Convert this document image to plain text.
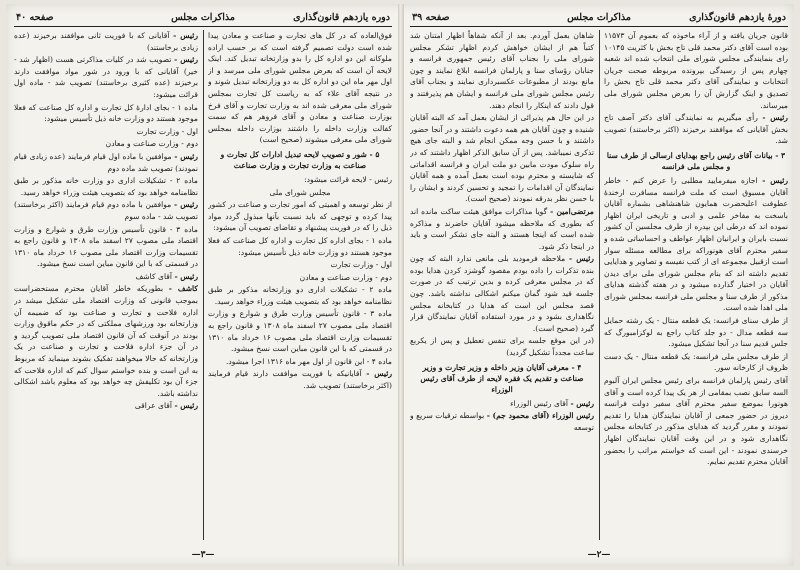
دوره یازدهم قانون‌گذاری
مذاکرات مجلس
صفحه ۴۰

فوق‌العاده که در کل های تجارت و صناعت و معادن پیدا شده است دولت تصمیم گرفته است که بر حسب اراده ملوکانه این دو اداره کل را بدو وزارتخانه تبدیل کند. اینک لایحه آن است که بعرض مجلس شورای ملی میرسد و از اول مهر ماه این دو اداره کل به دو وزارتخانه تبدیل شوند و در نتیجه آقای علاء که به ریاست کل تجارت بمجلس شورای ملی معرفی شده اند به وزارت تجارت و آقای فرخ بوزارت صناعت و معادن و آقای فروهر هم که سمت کفالت وزارت داخله را داشتند بوزارت داخله بمجلس شورای ملی معرفی میشوند (صحیح است)

۵ - شور و تصویب لایحه تبدیل ادارات کل تجارت و صناعت به وزارت تجارت و وزارت صناعت

رئیس - لایحه قرائت میشود:

مجلس شورای ملی

از نظر توسعه و اهمیتی که امور تجارت و صناعت در کشور پیدا کرده و توجهی که باید نسبت بآنها مبذول گردد مواد ذیل را که در فوریت پیشنهاد و تقاضای تصویب آن میشود:

ماده ۱ - بجای اداره کل تجارت و اداره کل صناعت که فعلا موجود هستند دو وزارت خانه ذیل تأسیس میشود:

اول - وزارت تجارت

دوم - وزارت صناعت و معادن

ماده ۲ - تشکیلات اداری دو وزارتخانه مذکور بر طبق نظامنامه خواهد بود که بتصویب هیئت وزراء خواهد رسید.

ماده ۳ - قانون تأسیس وزارت طرق و شوارع و وزارت اقتصاد ملی مصوب ۲۷ اسفند ماه ۱۳۰۸ و قانون راجع به تقسیمات وزارت اقتصاد ملی مصوب ۱۶ خرداد ماه ۱۳۱۰ در قسمتی که با این قانون مباین است نسخ میشود.

ماده ۴ - این قانون از اول مهر ماه ۱۳۱۶ اجرا میشود.

رئیس - آقایانیکه با فوریت موافقت دارند قیام فرمایند (اکثر برخاستند) تصویب شد.

رئیس - آقایانی که با فوریت ثانی موافقند برخیزند (عده زیادی برخاستند)

رئیس - تصویب شد در کلیات مذاکرتی هست (اظهار شد - خیر) آقایانی که با ورود در شور مواد موافقت دارند برخیزند (عده کثیری برخاستند) تصویب شد - ماده اول قرائت میشود:

ماده ۱ - بجای ادارهٔ کل تجارت و اداره کل صناعت که فعلا موجود هستند دو وزارت خانه ذیل تأسیس میشود:

اول - وزارت تجارت

دوم - وزارت صناعت و معادن

رئیس - موافقین با ماده اول قیام فرمایند (عده زیادی قیام نمودند) تصویب شد ماده دوم

ماده ۲ - تشکیلات اداری دو وزارت خانه مذکور بر طبق نظامنامه خواهد بود که بتصویب هیئت وزراء خواهد رسید.

رئیس - موافقین با ماده دوم قیام فرمایند (اکثر برخاستند) تصویب شد - ماده سوم

ماده ۳ - قانون تأسیس وزارت طرق و شوارع و وزارت اقتصاد ملی مصوب ۲۷ اسفند ماه ۱۳۰۸ و قانون راجع به تقسیمات وزارت اقتصاد ملی مصوب ۱۶ خرداد ماه ۱۳۱۰ در قسمتی که با این قانون مباین است نسخ میشود.

رئیس - آقای کاشف

کاشف - بطوریکه خاطر آقایان محترم مستحضراست بموجب قانونی که وزارت اقتصاد ملی تشکیل میشد در اداره فلاحت و تجارت و صناعت بود که ضمیمه آن وزارتخانه بود ورزشهای مملکتی که در حکم ماقوق وزارت بودند در آنوقت که آن قانون اقتصاد ملی تصویب گردید و در آن جزء اداره فلاحت و تجارت و صناعت در یک وزارتخانه که حالا میخواهند تفکیک بشوند مینماید که مربوط به این است و بنده خواستم سوال کنم که اداره فلاحت که جزء آن بود تکلیفش چه خواهد بود که معلوم باشد اشکالی نداشته باشد.

رئیس - آقای عراقی

—۳—
دورهٔ یازدهم قانون‌گذاری
مذاکرات مجلس
صفحه ۳۹

قانون جریان یافته و از آراء ماخوذه که بعموم آن ۱۱۵۷۳ بوده است آقای دکتر محمد قلی تاج بخش با کثریت ۱۰۱۴۵ رای بنمایندگی مجلس شورای ملی انتخاب شده اند شعبه چهارم پس از رسیدگی بپرونده مربوطه صحت جریان انتخابات و نمایندگی آقای دکتر محمد قلی تاج بخش را تصدیق و اینک گزارش آن را بعرض مجلس شورای ملی میرساند.

رئیس - رأی میگیریم به نمایندگی آقای دکتر آصف تاج بخش آقایانی که موافقند برخیزند (اکثر برخاستند) تصویب شد.

۳ - بیانات آقای رئیس راجع بهدایای ارسالی از طرف سنا و مجلس ملی فرانسه

رئیس - اجازه میفرمایید مطلبی را عرض کنم - خاطر آقایان مسبوق است که ملت فرانسه مسافرت ارخندهٔ عطوفت اعلیحضرت همایون شاهنشاهی بشماره آقایان باسخت به مفاخر علمی و ادبی و تاریخی ایران اظهار نموده اند که درطی این بپدره از طرف مجلسین آن کشور نسبت بایران و ایرانیان اظهار عواطف و احساساتی شده و سفیر محترم آقای هونوراکه برای مطالعه مسئله سوار است ازقبیل مجموعه ای از کتب نفیسه و تصاویر و هدایایی تقدیم داشته اند که بنام مجلس شورای ملی برای دیدن آقایان در اختیار گذارده میشود و در هفته گذشته هدایای مذکور از طرف سنا و مجلس ملی فرانسه بمجلس شورای ملی اهدا شده است.

از طرف سنای فرانسه: یک قطعه منتال - یک رشته حمایل سه قطعه مدال - دو جلد کتاب راجع به لوکزامبورگ که جلس قدیم سنا در آنجا تشکیل میشود.

از طرف مجلس ملی فرانسه: یک قطعه منتال - یک دست ظروف از کارخانه سور.

آقای رئیس پارلمان فرانسه برای رئیس مجلس ایران آلبوم السه سابق نصب بمقامی از هر یک پیدا کرده است و آقای هونورا بموضع سفیر محترم آقای سفیر دولت فرانسه دیروز در حضور جمعی از آقایان نمایندگان هدایا را تقدیم نمودند و مقرر گردید که هدایای مذکور در کتابخانه مجلس نگاهداری شود و در این وقت آقایان نمایندگان اظهار خرسندی نمودند - این است که خواستم مراتب را بحضور آقایان محترم تقدیم نمایم.

شاهان بعمل آوردم. بعد از آنکه شفاهاً اظهار امتنان شد کتباً هم از ایشان خواهش کردم اظهار تشکر مجلس شورای ملی را بجناب آقای رئیس جمهوری فرانسه و جنابان رؤسای سنا و پارلمان فرانسه ابلاغ نمایند و چون مانع بودند از مطبوعات عکسبرداری نمایند و بجناب آقای رئیس مجلس شورای ملی فرانسه و ایشان هم پذیرفتند و قول دادند که اینکار را انجام دهند.

در این حال هم پذیرائی از ایشان بعمل آمد که البته آقایان شنیده و چون آقایان هم همه دعوت داشتند و در آنجا حضور داشتند و با حسن وجه ممکن انجام شد و البته جای هیچ تذکری نمیباشد. پس از آن سابق الذکر اظهار داشتند که در راه سلوک مودت مابین دو ملت ایران و فرانسه اقداماتی که شایسته و محترم بوده است بعمل آمده و همه آقایان نمایندگان آن اقدامات را تمجید و تحسین کردند و ایشان را با حسن نظر بدرقه نمودند (صحیح است).

مرتضی‌امین - گویا مذاکرات موافق هیئت ساکت مانده اند که بطوری که ملاحظه میشود آقایان حاضرند و مذاکره شده است که اینجا هستند و البته جای تشکر است و باید در اینجا ذکر شود.

رئیس - ملاحظه فرمودید بلی مانعی ندارد البته که چون بنده تذکرات را داده بودم مقصود گوشزد کردن هدایا بوده که در مجلس معرفی کرده و بدین ترتیب که در صورت جلسه قید شود گمان میکنم اشکالی نداشته باشد. چون قصد مجلس این است که هدایا در کتابخانه مجلس نگاهداری بشود و در مورد استفاده آقایان نمایندگان قرار گیرد (صحیح است).

(در این موقع جلسه برای تنفس تعطیل و پس از یکربع ساعت مجدداً تشکیل گردید)

۴ - معرفی آقایان وزیر داخله و وزیر تجارت و وزیر صناعت و تقدیم یک فقره لایحه از طرف آقای رئیس الوزراء

رئیس - آقای رئیس الوزراء

رئیس الوزراء (آقای محمود جم) - بواسطه ترقیات سریع و توسعه

—۲—
